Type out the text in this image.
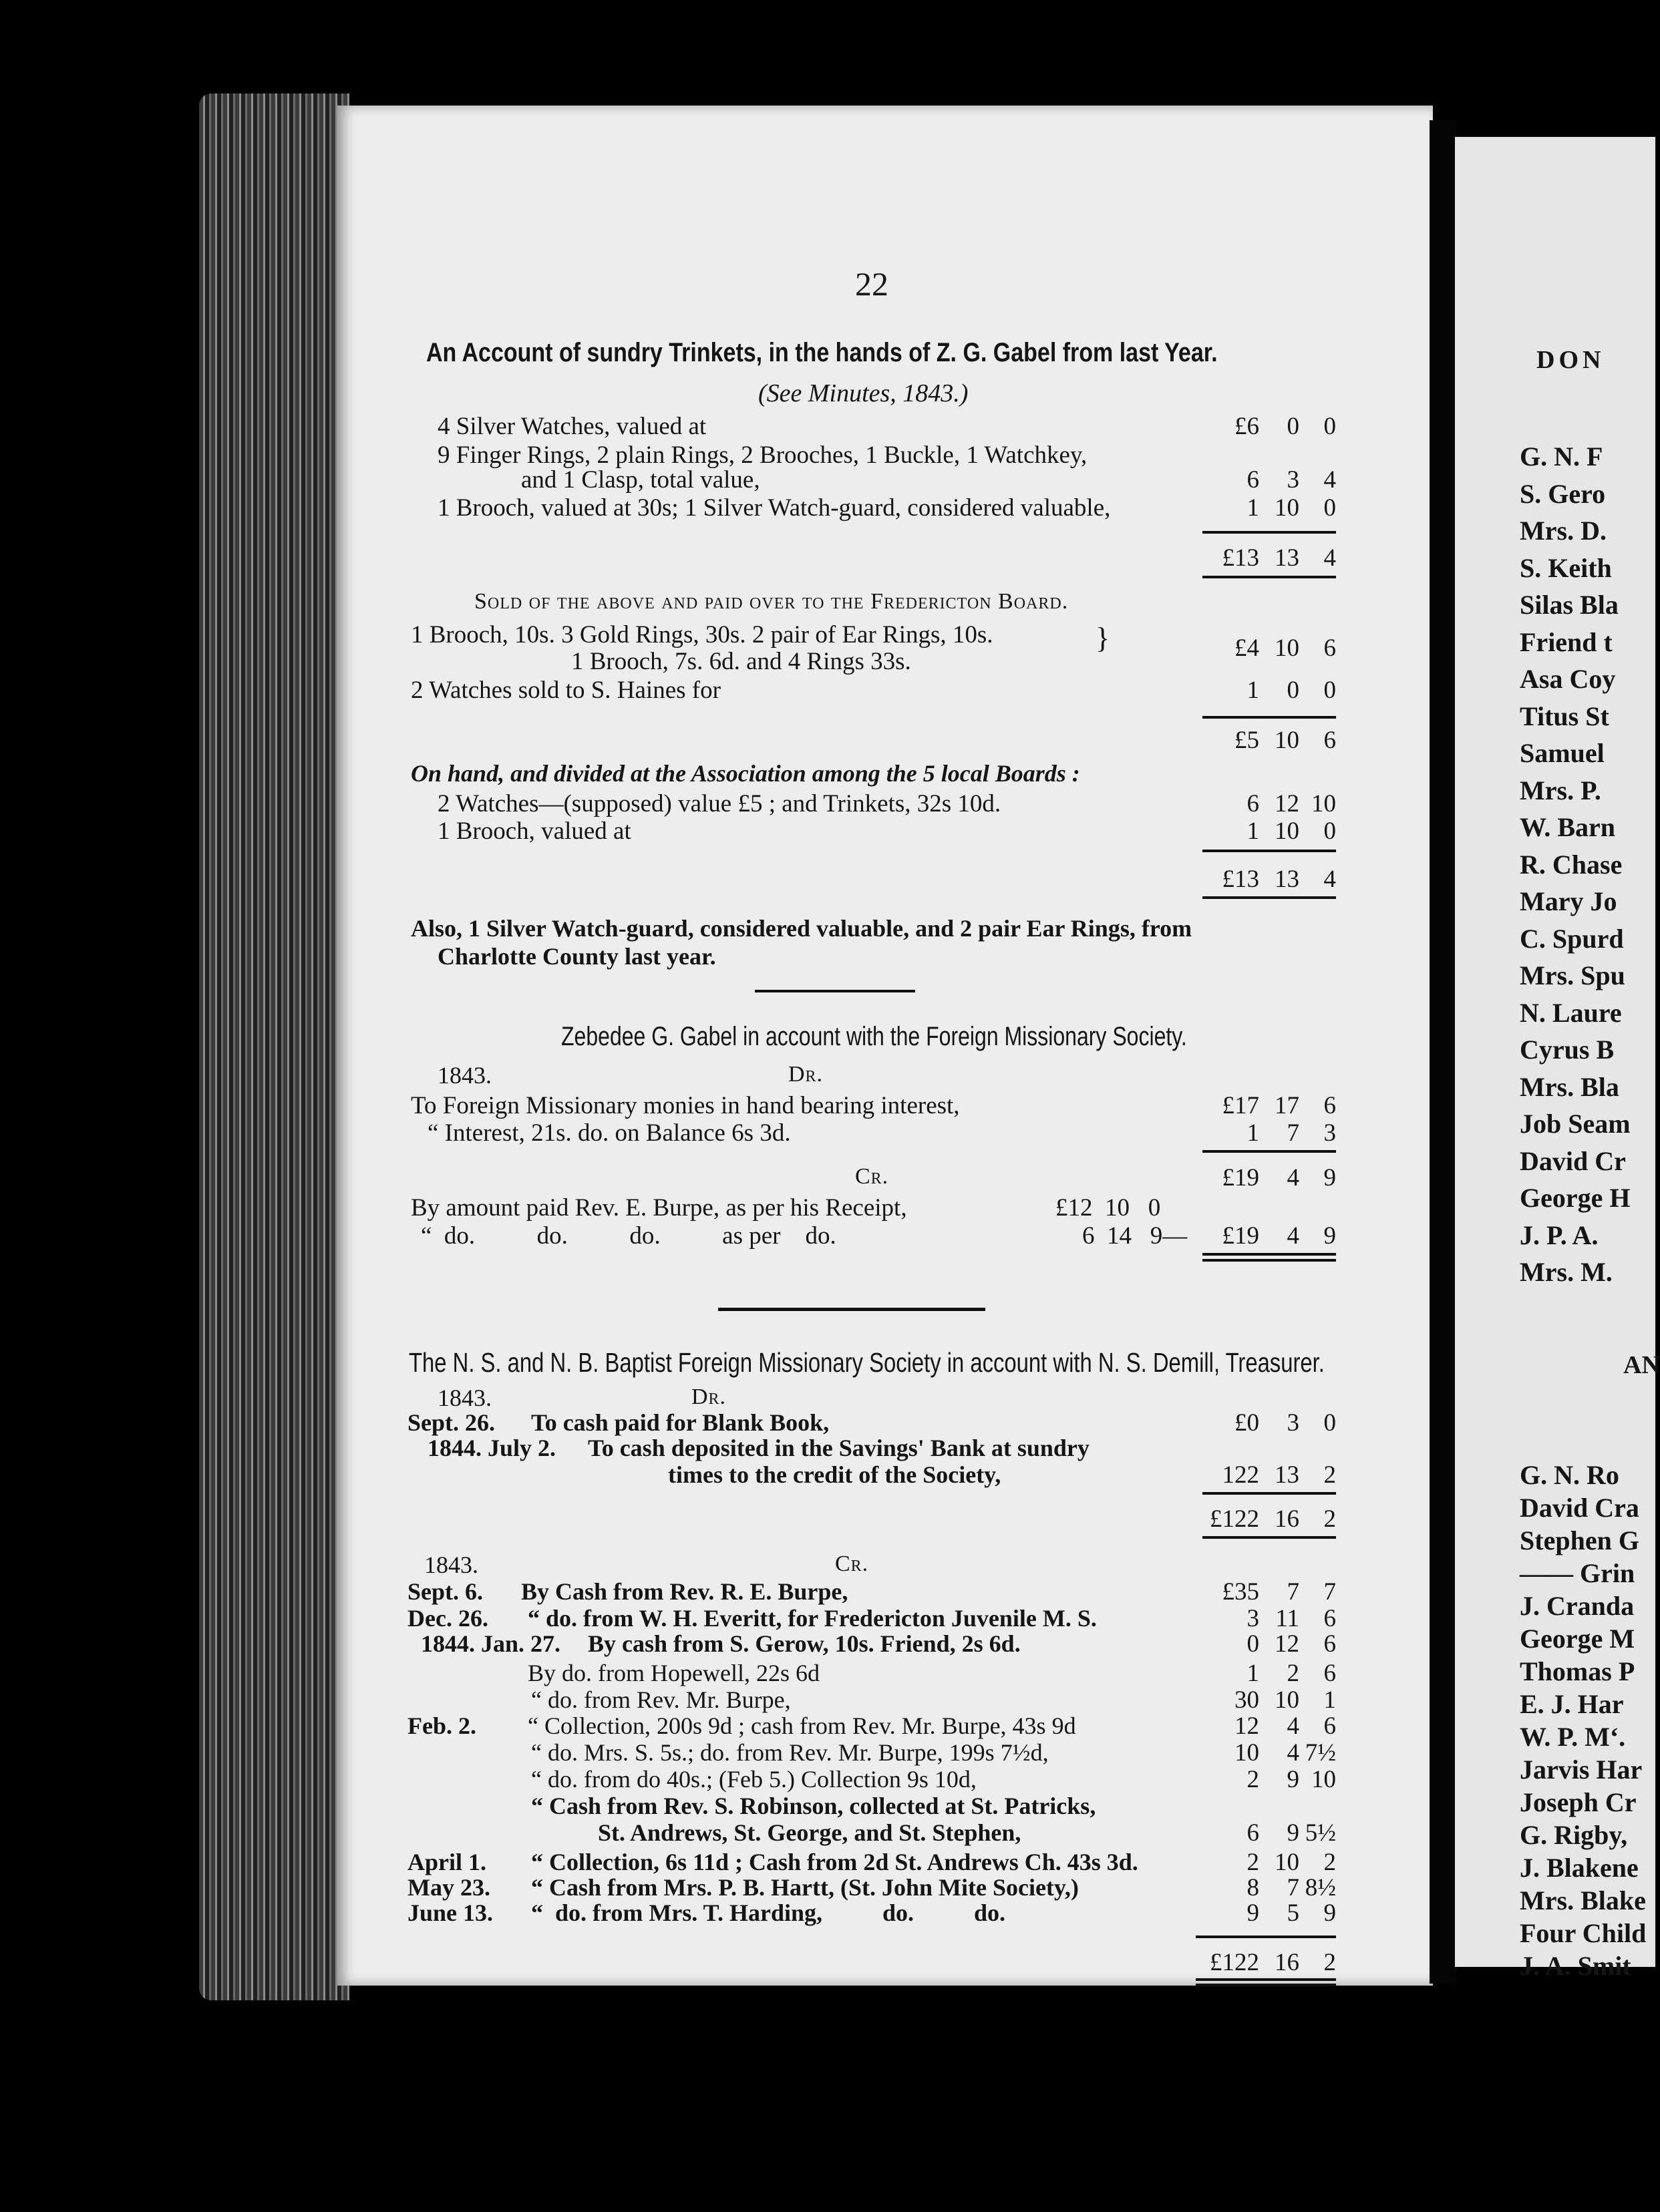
22
An Account of sundry Trinkets, in the hands of Z. G. Gabel from last Year.
(See Minutes, 1843.)
4 Silver Watches, valued at	£6	0 0
9 Finger Rings, 2 plain Rings, 2 Brooches, 1 Buckle, 1 Watchkey,
and 1 Clasp, total value,	6	3 4
1 Brooch, valued at 30s; 1 Silver Watch-guard, considered valuable,	1 10 0
£13 13 4
Sold of the above and paid over to the Fredericton Board.
1 Brooch, 10s. 3 Gold Rings, 30s. 2 pair of Ear Rings, 10s.
1 Brooch, 7s. 6d. and 4 Rings 33s.
}	£4 10 6
2 Watches sold to S. Haines for	1	0 0
£5 10 6
On hand, and divided at the Association among the 5 local Boards :
2 Watches—(supposed) value £5 ; and Trinkets, 32s 10d.	6 12 10
1 Brooch, valued at	1 10 0
£13 13 4
Also, 1 Silver Watch-guard, considered valuable, and 2 pair Ear Rings, from
Charlotte County last year.
Zebedee G. Gabel in account with the Foreign Missionary Society.
1843.	Dr.
To Foreign Missionary monies in hand bearing interest,	£17 17 6
“ Interest, 21s. do. on Balance 6s 3d.	1	7 3
Cr.	£19	4 9
By amount paid Rev. E. Burpe, as per his Receipt,	£12  10   0
“  do.          do.          do.          as per    do.	6  14   9—	£19	4 9
The N. S. and N. B. Baptist Foreign Missionary Society in account with N. S. Demill, Treasurer.
1843.	Dr.
Sept. 26. To cash paid for Blank Book,	£0	3 0
1844. July 2. To cash deposited in the Savings' Bank at sundry
times to the credit of the Society,	122 13 2
£122 16 2
1843.	Cr.
Sept. 6. By Cash from Rev. R. E. Burpe,	£35	7 7
Dec. 26. “ do. from W. H. Everitt, for Fredericton Juvenile M. S.	3 11 6
1844. Jan. 27. By cash from S. Gerow, 10s. Friend, 2s 6d.	0 12 6
By do. from Hopewell, 22s 6d	1	2 6
“ do. from Rev. Mr. Burpe,	30 10 1
Feb. 2. “ Collection, 200s 9d ; cash from Rev. Mr. Burpe, 43s 9d	12	4 6
“ do. Mrs. S. 5s.; do. from Rev. Mr. Burpe, 199s 7½d,	10	4 7½
“ do. from do 40s.; (Feb 5.) Collection 9s 10d,	2	9 10
“ Cash from Rev. S. Robinson, collected at St. Patricks,
St. Andrews, St. George, and St. Stephen,	6	9 5½
April 1. “ Collection, 6s 11d ; Cash from 2d St. Andrews Ch. 43s 3d.	2 10 2
May 23. “ Cash from Mrs. P. B. Hartt, (St. John Mite Society,)	8	7 8½
June 13. “  do. from Mrs. T. Harding,          do.          do.	9	5 9
£122 16 2
DON
AN
G. N. F
S. Gero
Mrs. D.
S. Keith
Silas Bla
Friend t
Asa Coy
Titus St
Samuel
Mrs. P.
W. Barn
R. Chase
Mary Jo
C. Spurd
Mrs. Spu
N. Laure
Cyrus B
Mrs. Bla
Job Seam
David Cr
George H
J. P. A.
Mrs. M.
G. N. Ro
David Cra
Stephen G
—— Grin
J. Cranda
George M
Thomas P
E. J. Har
W. P. M‘.
Jarvis Har
Joseph Cr
G. Rigby,
J. Blakene
Mrs. Blake
Four Child
J. A. Smit
